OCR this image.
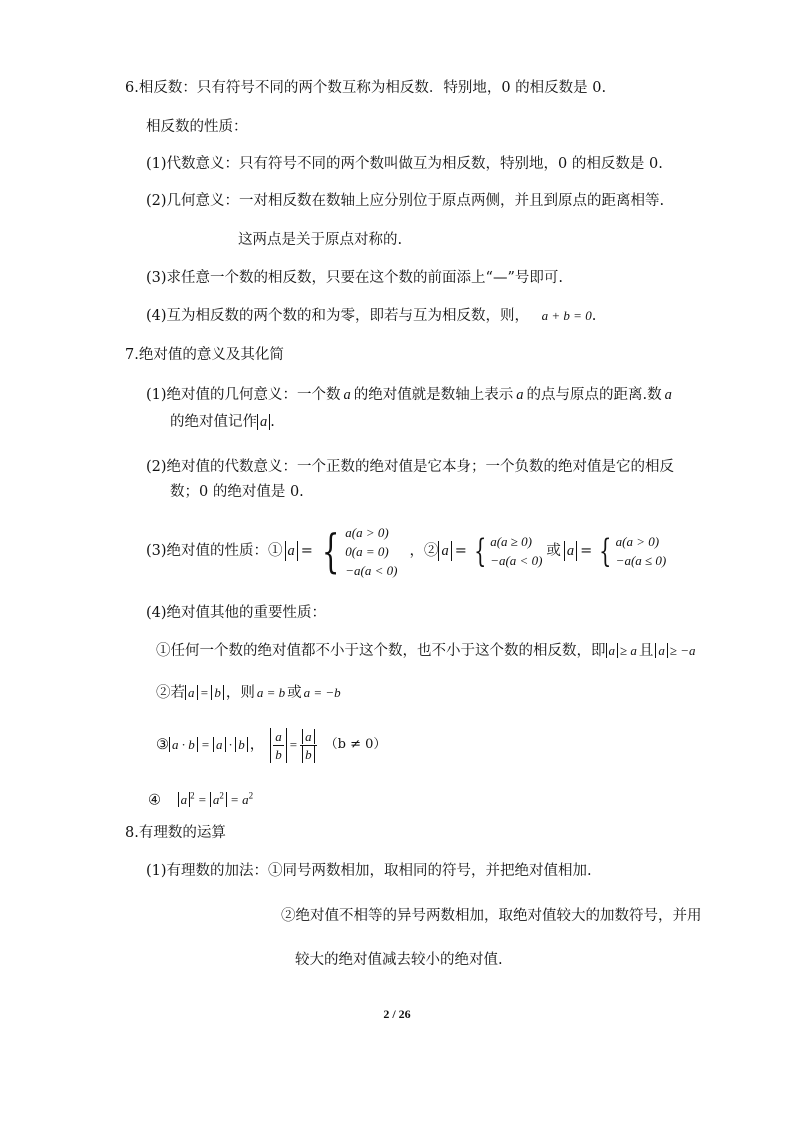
6.相反数：只有符号不同的两个数互称为相反数．特别地，0 的相反数是 0.
相反数的性质：
(1)代数意义：只有符号不同的两个数叫做互为相反数，特别地，0 的相反数是 0.
(2)几何意义：一对相反数在数轴上应分别位于原点两侧，并且到原点的距离相等.
这两点是关于原点对称的.
(3)求任意一个数的相反数，只要在这个数的前面添上“—”号即可.
(4)互为相反数的两个数的和为零，即若与互为相反数，则， a + b = 0.
7.绝对值的意义及其化简
(1)绝对值的几何意义：一个数 a 的绝对值就是数轴上表示 a 的点与原点的距离.数 a
的绝对值记作 a .
(2)绝对值的代数意义：一个正数的绝对值是它本身；一个负数的绝对值是它的相反
数；0 的绝对值是 0.
(3)绝对值的性质：① a = { a(a > 0)
0(a = 0)
−a(a < 0)
，② a = { a(a ≥ 0)
−a(a < 0)
或 a = { a(a > 0)
−a(a ≤ 0)
(4)绝对值其他的重要性质：
①任何一个数的绝对值都不小于这个数，也不小于这个数的相反数，即 a ≥ a 且 a ≥ −a
②若 a = b ，则 a = b 或 a = −b
③ a · b = a · b ， $\frac{a}{b} = \frac{a}{b} (b \ne 0)$
④ a $^2 = a^2 = a^2$
8.有理数的运算
(1)有理数的加法：①同号两数相加，取相同的符号，并把绝对值相加.
②绝对值不相等的异号两数相加，取绝对值较大的加数符号，并用
较大的绝对值减去较小的绝对值.
2 / 26
